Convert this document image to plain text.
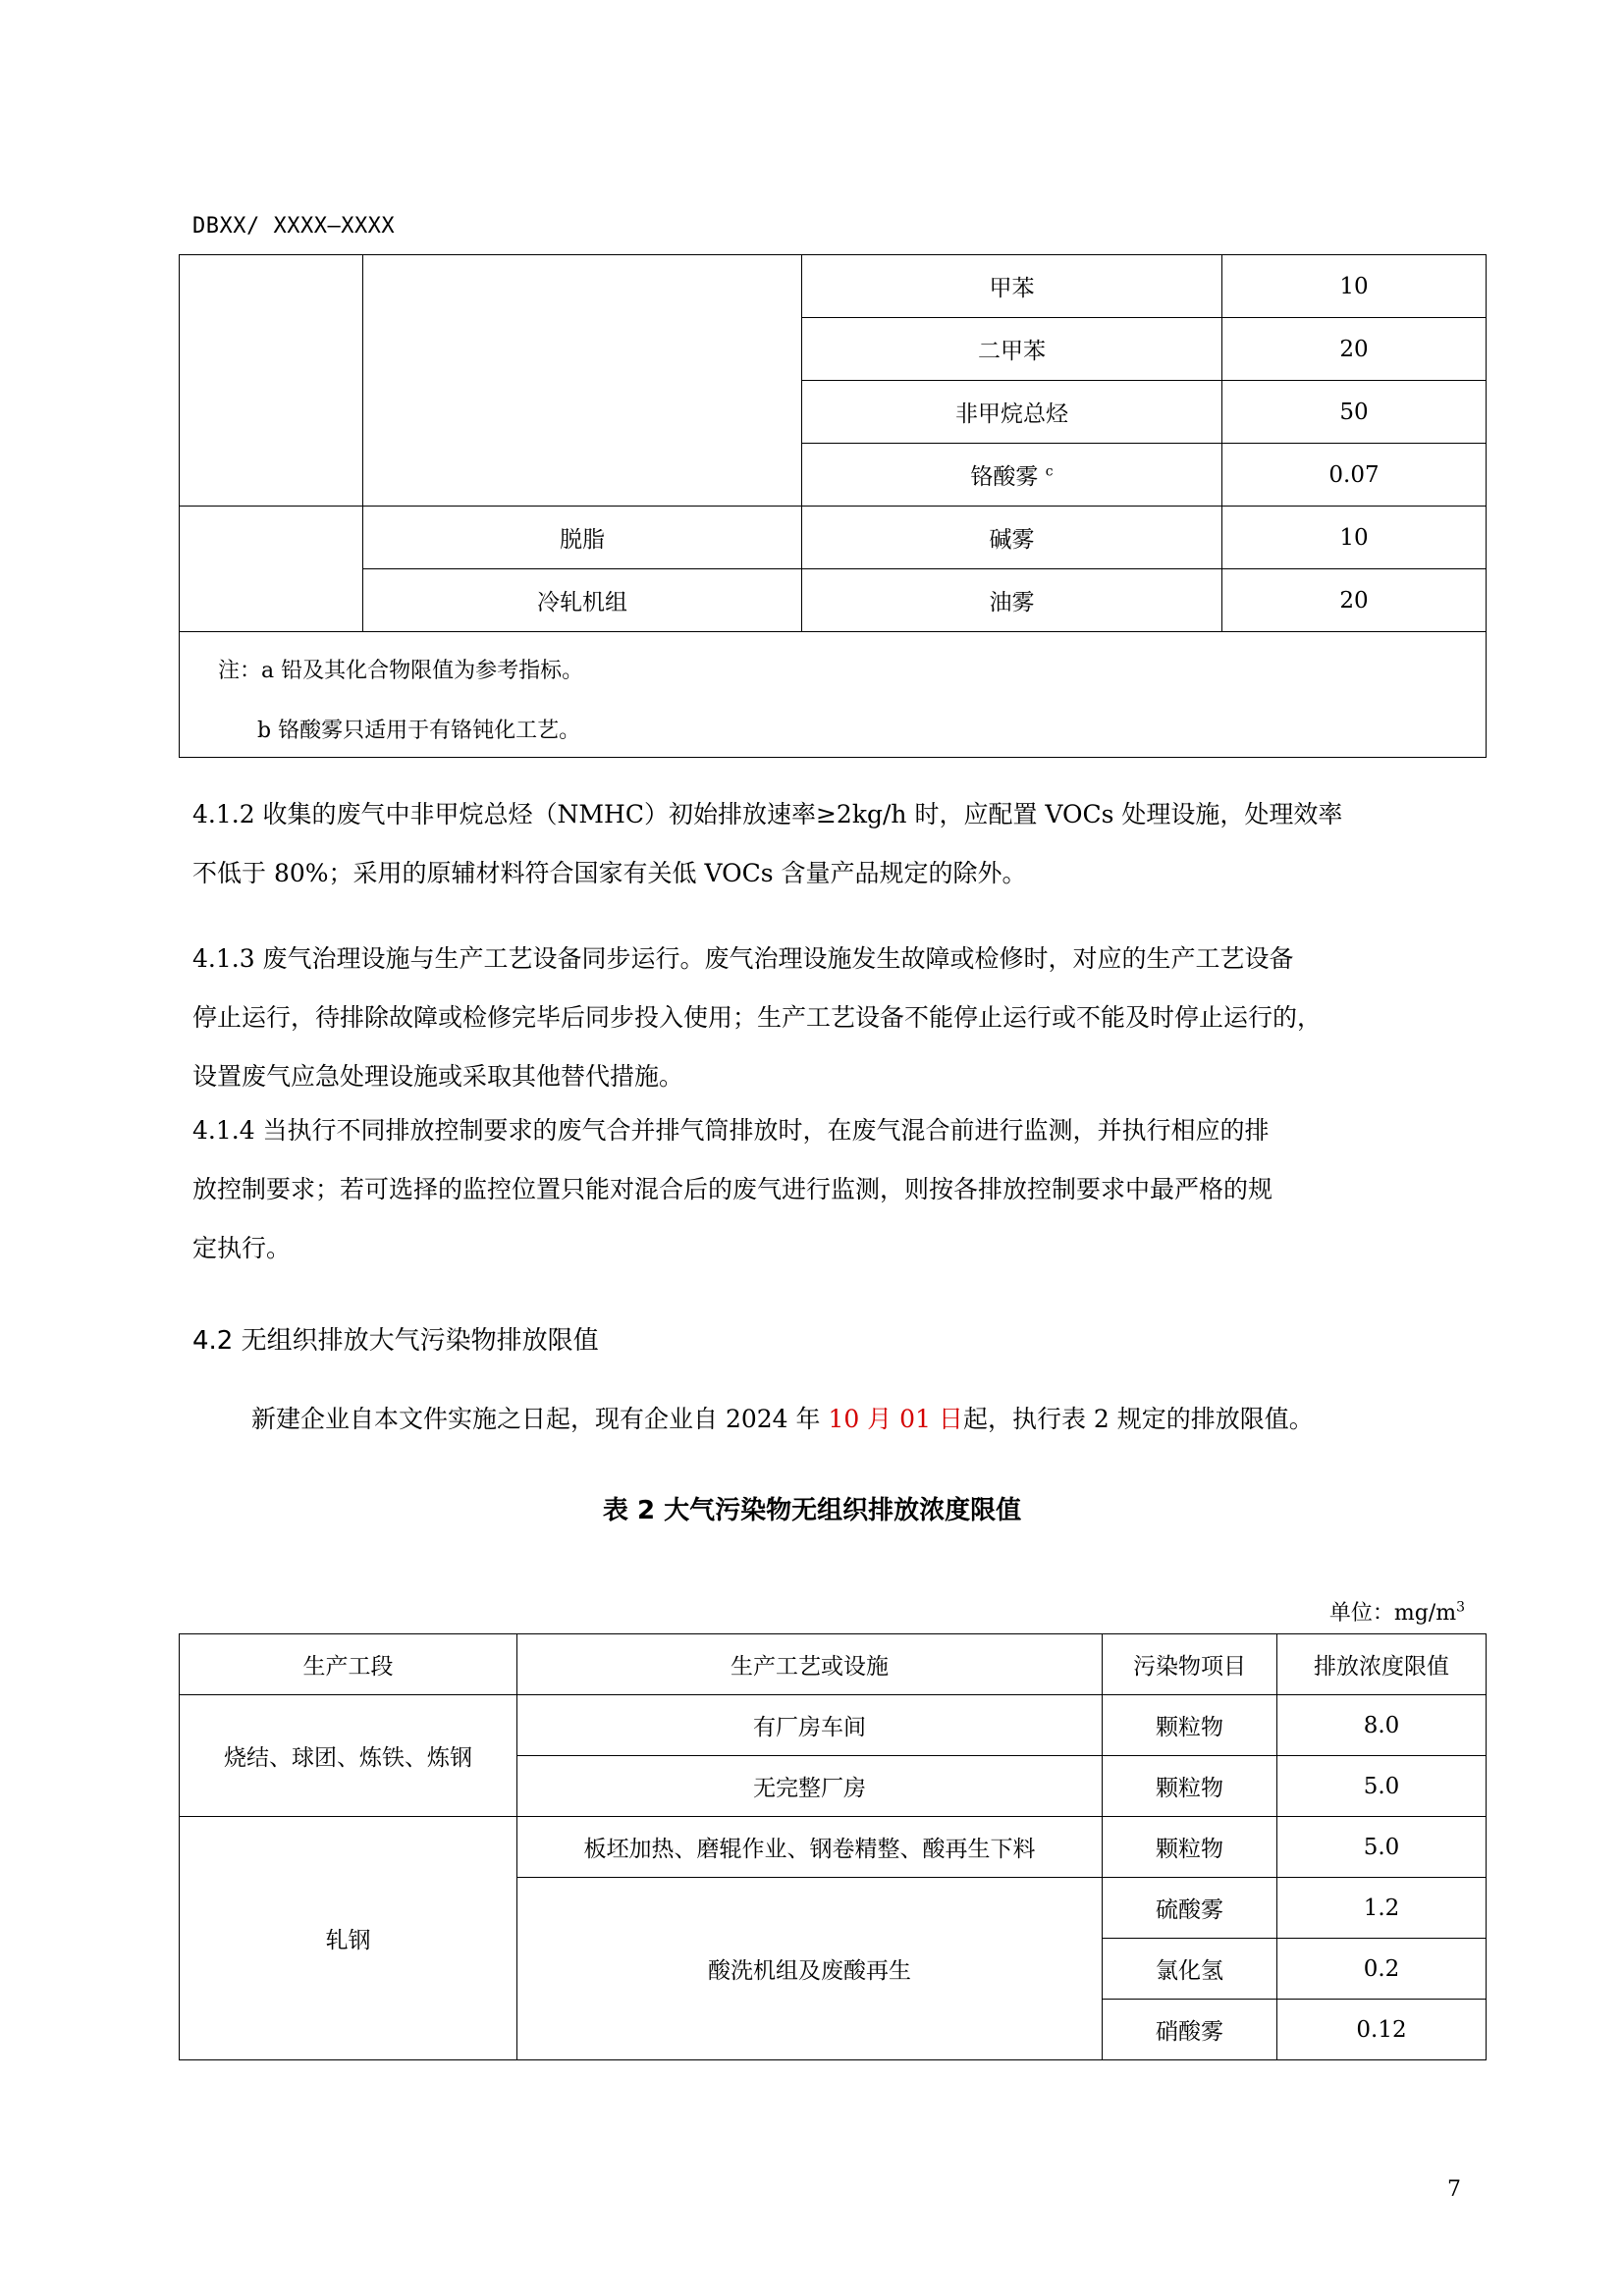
DBXX/ XXXX—XXXX
		甲苯	10
		二甲苯	20
		非甲烷总烃	50
		铬酸雾 $^c$	0.07
	脱脂	碱雾	10
	冷轧机组	油雾	20

注：a 铅及其化合物限值为参考指标。
b 铬酸雾只适用于有铬钝化工艺。
4.1.2 收集的废气中非甲烷总烃（NMHC）初始排放速率≥2kg/h 时，应配置 VOCs 处理设施，处理效率
不低于 80%；采用的原辅材料符合国家有关低 VOCs 含量产品规定的除外。
4.1.3 废气治理设施与生产工艺设备同步运行。废气治理设施发生故障或检修时，对应的生产工艺设备
停止运行，待排除故障或检修完毕后同步投入使用；生产工艺设备不能停止运行或不能及时停止运行的，
设置废气应急处理设施或采取其他替代措施。
4.1.4 当执行不同排放控制要求的废气合并排气筒排放时，在废气混合前进行监测，并执行相应的排
放控制要求；若可选择的监控位置只能对混合后的废气进行监测，则按各排放控制要求中最严格的规
定执行。
4.2 无组织排放大气污染物排放限值
新建企业自本文件实施之日起，现有企业自 2024 年 10 月 01 日起，执行表 2 规定的排放限值。
表 2 大气污染物无组织排放浓度限值
单位：$mg/m^3$
生产工段	生产工艺或设施	污染物项目	排放浓度限值
烧结、球团、炼铁、炼钢	有厂房车间	颗粒物	8.0
	无完整厂房	颗粒物	5.0
轧钢	板坯加热、磨辊作业、钢卷精整、酸再生下料	颗粒物	5.0
	酸洗机组及废酸再生	硫酸雾	1.2
		氯化氢	0.2
		硝酸雾	0.12
7
